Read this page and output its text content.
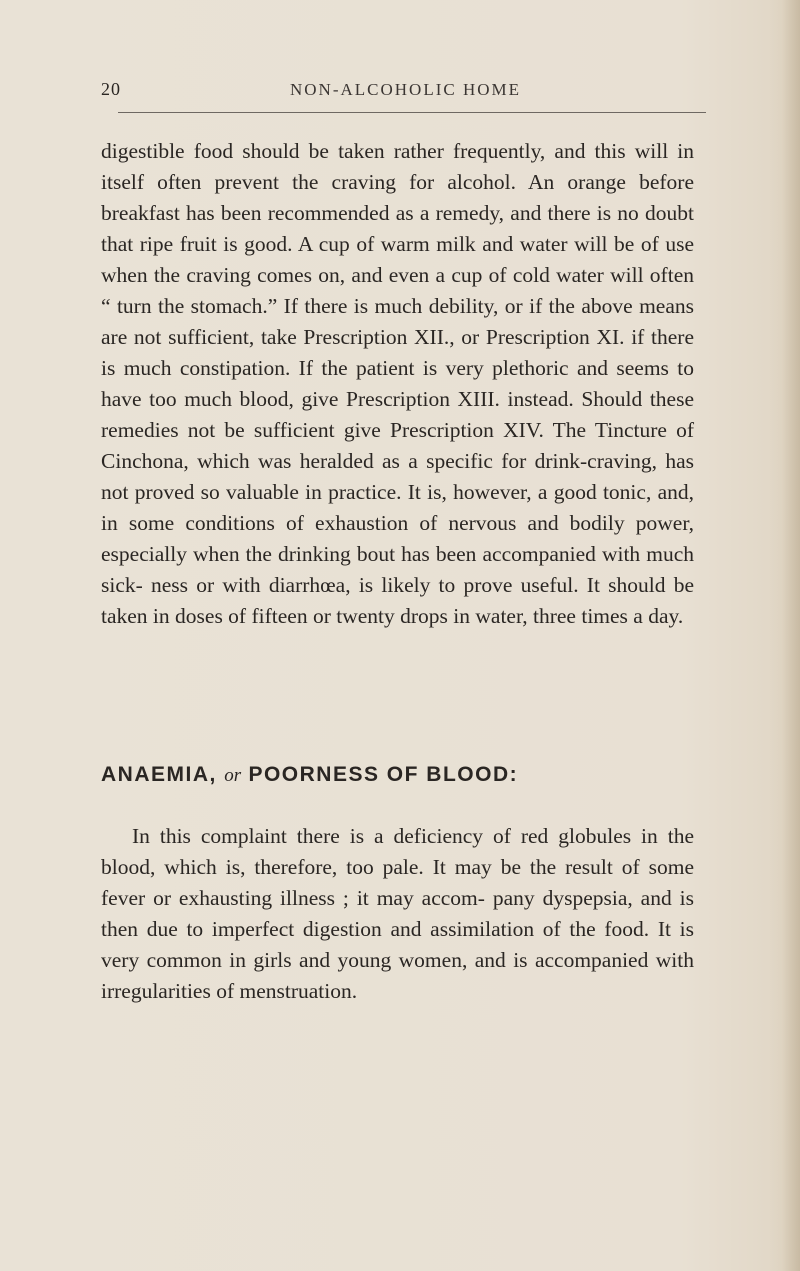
20	NON-ALCOHOLIC HOME

digestible food should be taken rather frequently, and this will in itself often prevent the craving for alcohol. An orange before breakfast has been recommended as a remedy, and there is no doubt that ripe fruit is good. A cup of warm milk and water will be of use when the craving comes on, and even a cup of cold water will often “ turn the stomach.” If there is much debility, or if the above means are not sufficient, take Prescription XII., or Prescription XI. if there is much constipation. If the patient is very plethoric and seems to have too much blood, give Prescription XIII. instead. Should these remedies not be sufficient give Prescription XIV. The Tincture of Cinchona, which was heralded as a specific for drink-craving, has not proved so valuable in practice. It is, however, a good tonic, and, in some conditions of exhaustion of nervous and bodily power, especially when the drinking bout has been accompanied with much sick- ness or with diarrhœa, is likely to prove useful. It should be taken in doses of fifteen or twenty drops in water, three times a day.

ANAEMIA, or POORNESS OF BLOOD:

In this complaint there is a deficiency of red globules in the blood, which is, therefore, too pale. It may be the result of some fever or exhausting illness ; it may accom- pany dyspepsia, and is then due to imperfect digestion and assimilation of the food. It is very common in girls and young women, and is accompanied with irregularities of menstruation.
